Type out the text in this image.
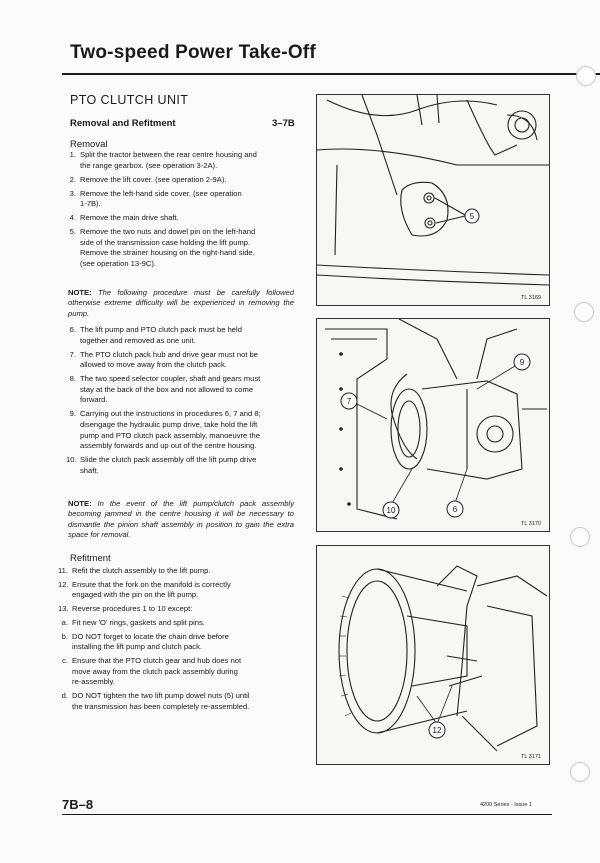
Two-speed Power Take-Off
PTO CLUTCH UNIT
Removal and Refitment	3–7B
Removal
1. Split the tractor between the rear centre housing and
the range gearbox. (see operation 3-2A).
2. Remove the lift cover. (see operation 2-9A).
3. Remove the left-hand side cover. (see operation
1-7B).
4. Remove the main drive shaft.
5. Remove the two nuts and dowel pin on the left-hand
side of the transmission case holding the lift pump.
Remove the strainer housing on the right-hand side.
(see operation 13-9C).
NOTE: The following procedure must be carefully followed otherwise extreme difficulty will be experienced in removing the pump.
6. The lift pump and PTO clutch pack must be held
together and removed as one unit.
7. The PTO clutch pack hub and drive gear must not be
allowed to move away from the clutch pack.
8. The two speed selector coupler, shaft and gears must
stay at the back of the box and not allowed to come
forward.
9. Carrying out the instructions in procedures 6, 7 and 8;
disengage the hydraulic pump drive, take hold the lift
pump and PTO clutch pack assembly, manoeuvre the
assembly forwards and up out of the centre housing.
10. Slide the clutch pack assembly off the lift pump drive
shaft.
NOTE: In the event of the lift pump/clutch pack assembly becoming jammed in the centre housing it will be necessary to dismantle the pinion shaft assembly in position to gain the extra space for removal.
Refitment
11. Refit the clutch assembly to the lift pump.
12. Ensure that the fork on the manifold is correctly
engaged with the pin on the lift pump.
13. Reverse procedures 1 to 10 except:
a. Fit new 'O' rings, gaskets and split pins.
b. DO NOT forget to locate the chain drive before
installing the lift pump and clutch pack.
c. Ensure that the PTO clutch gear and hub does not
move away from the clutch pack assembly during
re-assembly.
d. DO NOT tighten the two lift pump dowel nuts (5) until
the transmission has been completely re-assembled.
5
TL 3169
9
7
10	6
TL 3170
12
TL 3171
7B–8	4200 Series - Issue 1
